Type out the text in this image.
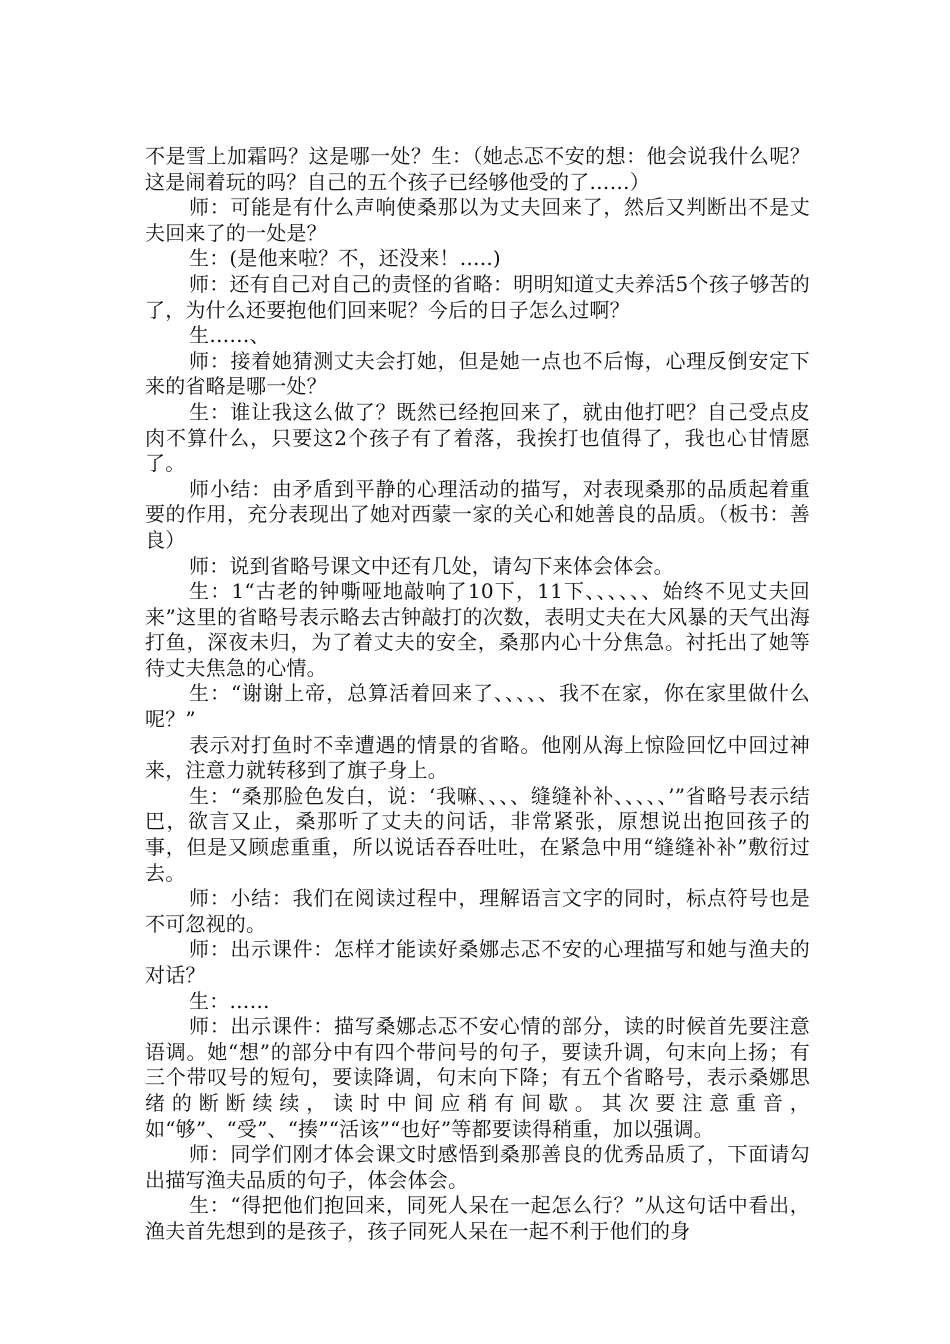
不是雪上加霜吗？这是哪一处？生：（她忐忑不安的想：他会说我什么呢？这是闹着玩的吗？自己的五个孩子已经够他受的了……）

师：可能是有什么声响使桑那以为丈夫回来了，然后又判断出不是丈夫回来了的一处是？

生：(是他来啦？不，还没来！…..)

师：还有自己对自己的责怪的省略：明明知道丈夫养活5个孩子够苦的了，为什么还要抱他们回来呢？今后的日子怎么过啊？

生……、

师：接着她猜测丈夫会打她，但是她一点也不后悔，心理反倒安定下来的省略是哪一处？

生：谁让我这么做了？既然已经抱回来了，就由他打吧？自己受点皮肉不算什么，只要这2个孩子有了着落，我挨打也值得了，我也心甘情愿了。

师小结：由矛盾到平静的心理活动的描写，对表现桑那的品质起着重要的作用，充分表现出了她对西蒙一家的关心和她善良的品质。（板书：善良）

师：说到省略号课文中还有几处，请勾下来体会体会。

生：1“古老的钟嘶哑地敲响了10下，11下、、、、、、始终不见丈夫回来”这里的省略号表示略去古钟敲打的次数，表明丈夫在大风暴的天气出海打鱼，深夜未归，为了着丈夫的安全，桑那内心十分焦急。衬托出了她等待丈夫焦急的心情。

生：“谢谢上帝，总算活着回来了、、、、、我不在家，你在家里做什么呢？”

表示对打鱼时不幸遭遇的情景的省略。他刚从海上惊险回忆中回过神来，注意力就转移到了旗子身上。

生：“桑那脸色发白，说：‘我嘛、、、、缝缝补补、、、、、’”省略号表示结巴，欲言又止，桑那听了丈夫的问话，非常紧张，原想说出抱回孩子的事，但是又顾虑重重，所以说话吞吞吐吐，在紧急中用“缝缝补补”敷衍过去。

师：小结：我们在阅读过程中，理解语言文字的同时，标点符号也是不可忽视的。

师：出示课件：怎样才能读好桑娜忐忑不安的心理描写和她与渔夫的对话？

生：……

师：出示课件：描写桑娜忐忑不安心情的部分，读的时候首先要注意语调。她“想”的部分中有四个带问号的句子，要读升调，句末向上扬；有三个带叹号的短句，要读降调，句末向下降；有五个省略号，表示桑娜思绪的断断续续，读时中间应稍有间歇。其次要注意重音，如“够”、“受”、“揍”“活该”“也好”等都要读得稍重，加以强调。

师：同学们刚才体会课文时感悟到桑那善良的优秀品质了，下面请勾出描写渔夫品质的句子，体会体会。

生：“得把他们抱回来，同死人呆在一起怎么行？”从这句话中看出，渔夫首先想到的是孩子，孩子同死人呆在一起不利于他们的身
